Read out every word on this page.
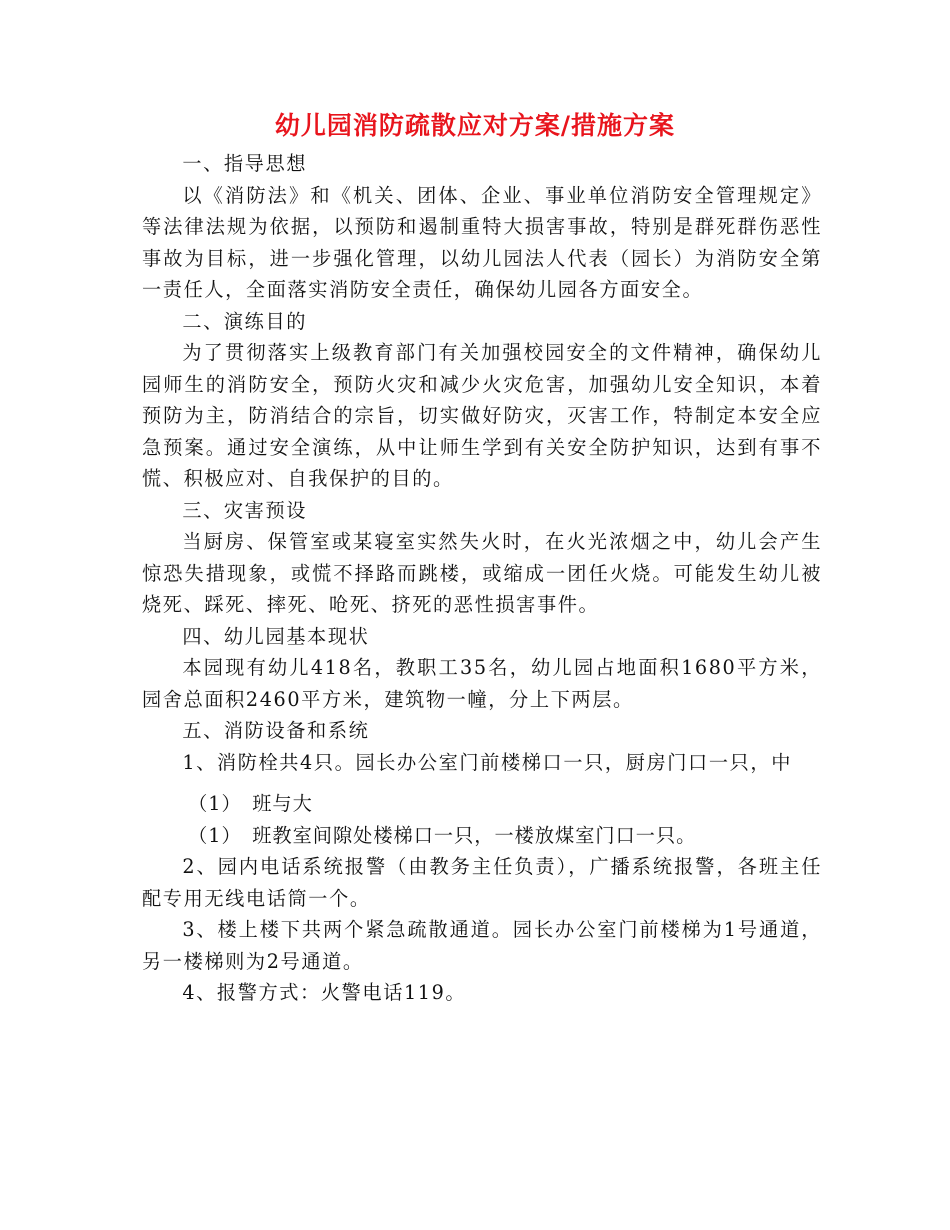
幼儿园消防疏散应对方案/措施方案

一、指导思想

以《消防法》和《机关、团体、企业、事业单位消防安全管理规定》等法律法规为依据，以预防和遏制重特大损害事故，特别是群死群伤恶性事故为目标，进一步强化管理，以幼儿园法人代表（园长）为消防安全第一责任人，全面落实消防安全责任，确保幼儿园各方面安全。

二、演练目的

为了贯彻落实上级教育部门有关加强校园安全的文件精神，确保幼儿园师生的消防安全，预防火灾和减少火灾危害，加强幼儿安全知识，本着预防为主，防消结合的宗旨，切实做好防灾，灭害工作，特制定本安全应急预案。通过安全演练，从中让师生学到有关安全防护知识，达到有事不慌、积极应对、自我保护的目的。

三、灾害预设

当厨房、保管室或某寝室实然失火时，在火光浓烟之中，幼儿会产生惊恐失措现象，或慌不择路而跳楼，或缩成一团任火烧。可能发生幼儿被烧死、踩死、摔死、呛死、挤死的恶性损害事件。

四、幼儿园基本现状

本园现有幼儿418名，教职工35名，幼儿园占地面积1680平方米，园舍总面积2460平方米，建筑物一幢，分上下两层。

五、消防设备和系统

1、消防栓共4只。园长办公室门前楼梯口一只，厨房门口一只，中

（1）　班与大

（1）　班教室间隙处楼梯口一只，一楼放煤室门口一只。

2、园内电话系统报警（由教务主任负责），广播系统报警，各班主任配专用无线电话筒一个。

3、楼上楼下共两个紧急疏散通道。园长办公室门前楼梯为1号通道，另一楼梯则为2号通道。

4、报警方式：火警电话119。
